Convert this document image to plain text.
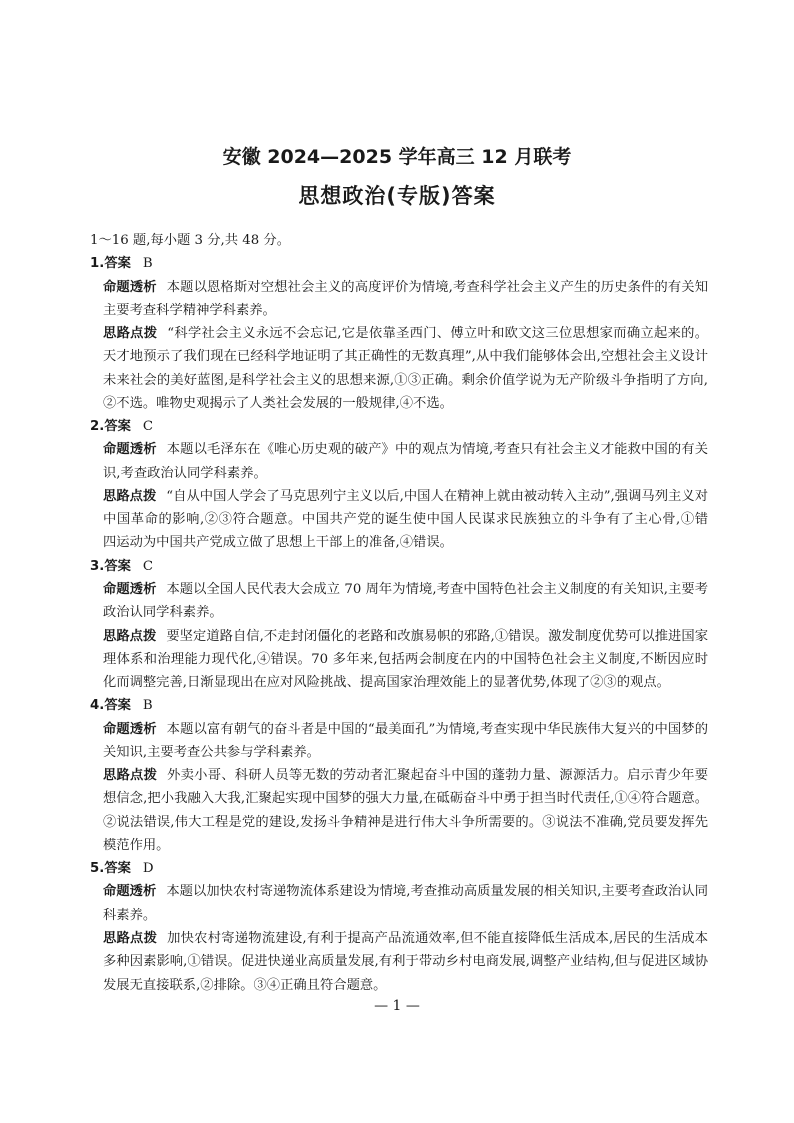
安徽 2024—2025 学年高三 12 月联考
思想政治(专版)答案
1～16 题,每小题 3 分,共 48 分。
1.答案 B
命题透析 本题以恩格斯对空想社会主义的高度评价为情境,考查科学社会主义产生的历史条件的有关知
主要考查科学精神学科素养。
思路点拨 “科学社会主义永远不会忘记,它是依靠圣西门、傅立叶和欧文这三位思想家而确立起来的。
天才地预示了我们现在已经科学地证明了其正确性的无数真理”,从中我们能够体会出,空想社会主义设计
未来社会的美好蓝图,是科学社会主义的思想来源,①③正确。剩余价值学说为无产阶级斗争指明了方向,
②不选。唯物史观揭示了人类社会发展的一般规律,④不选。
2.答案 C
命题透析 本题以毛泽东在《唯心历史观的破产》中的观点为情境,考查只有社会主义才能救中国的有关
识,考查政治认同学科素养。
思路点拨 “自从中国人学会了马克思列宁主义以后,中国人在精神上就由被动转入主动”,强调马列主义对
中国革命的影响,②③符合题意。中国共产党的诞生使中国人民谋求民族独立的斗争有了主心骨,①错
四运动为中国共产党成立做了思想上干部上的准备,④错误。
3.答案 C
命题透析 本题以全国人民代表大会成立 70 周年为情境,考查中国特色社会主义制度的有关知识,主要考
政治认同学科素养。
思路点拨 要坚定道路自信,不走封闭僵化的老路和改旗易帜的邪路,①错误。激发制度优势可以推进国家
理体系和治理能力现代化,④错误。70 多年来,包括两会制度在内的中国特色社会主义制度,不断因应时
化而调整完善,日渐显现出在应对风险挑战、提高国家治理效能上的显著优势,体现了②③的观点。
4.答案 B
命题透析 本题以富有朝气的奋斗者是中国的“最美面孔”为情境,考查实现中华民族伟大复兴的中国梦的
关知识,主要考查公共参与学科素养。
思路点拨 外卖小哥、科研人员等无数的劳动者汇聚起奋斗中国的蓬勃力量、源源活力。启示青少年要
想信念,把小我融入大我,汇聚起实现中国梦的强大力量,在砥砺奋斗中勇于担当时代责任,①④符合题意。
②说法错误,伟大工程是党的建设,发扬斗争精神是进行伟大斗争所需要的。③说法不准确,党员要发挥先
模范作用。
5.答案 D
命题透析 本题以加快农村寄递物流体系建设为情境,考查推动高质量发展的相关知识,主要考查政治认同
科素养。
思路点拨 加快农村寄递物流建设,有利于提高产品流通效率,但不能直接降低生活成本,居民的生活成本
多种因素影响,①错误。促进快递业高质量发展,有利于带动乡村电商发展,调整产业结构,但与促进区域协
发展无直接联系,②排除。③④正确且符合题意。
— 1 —
